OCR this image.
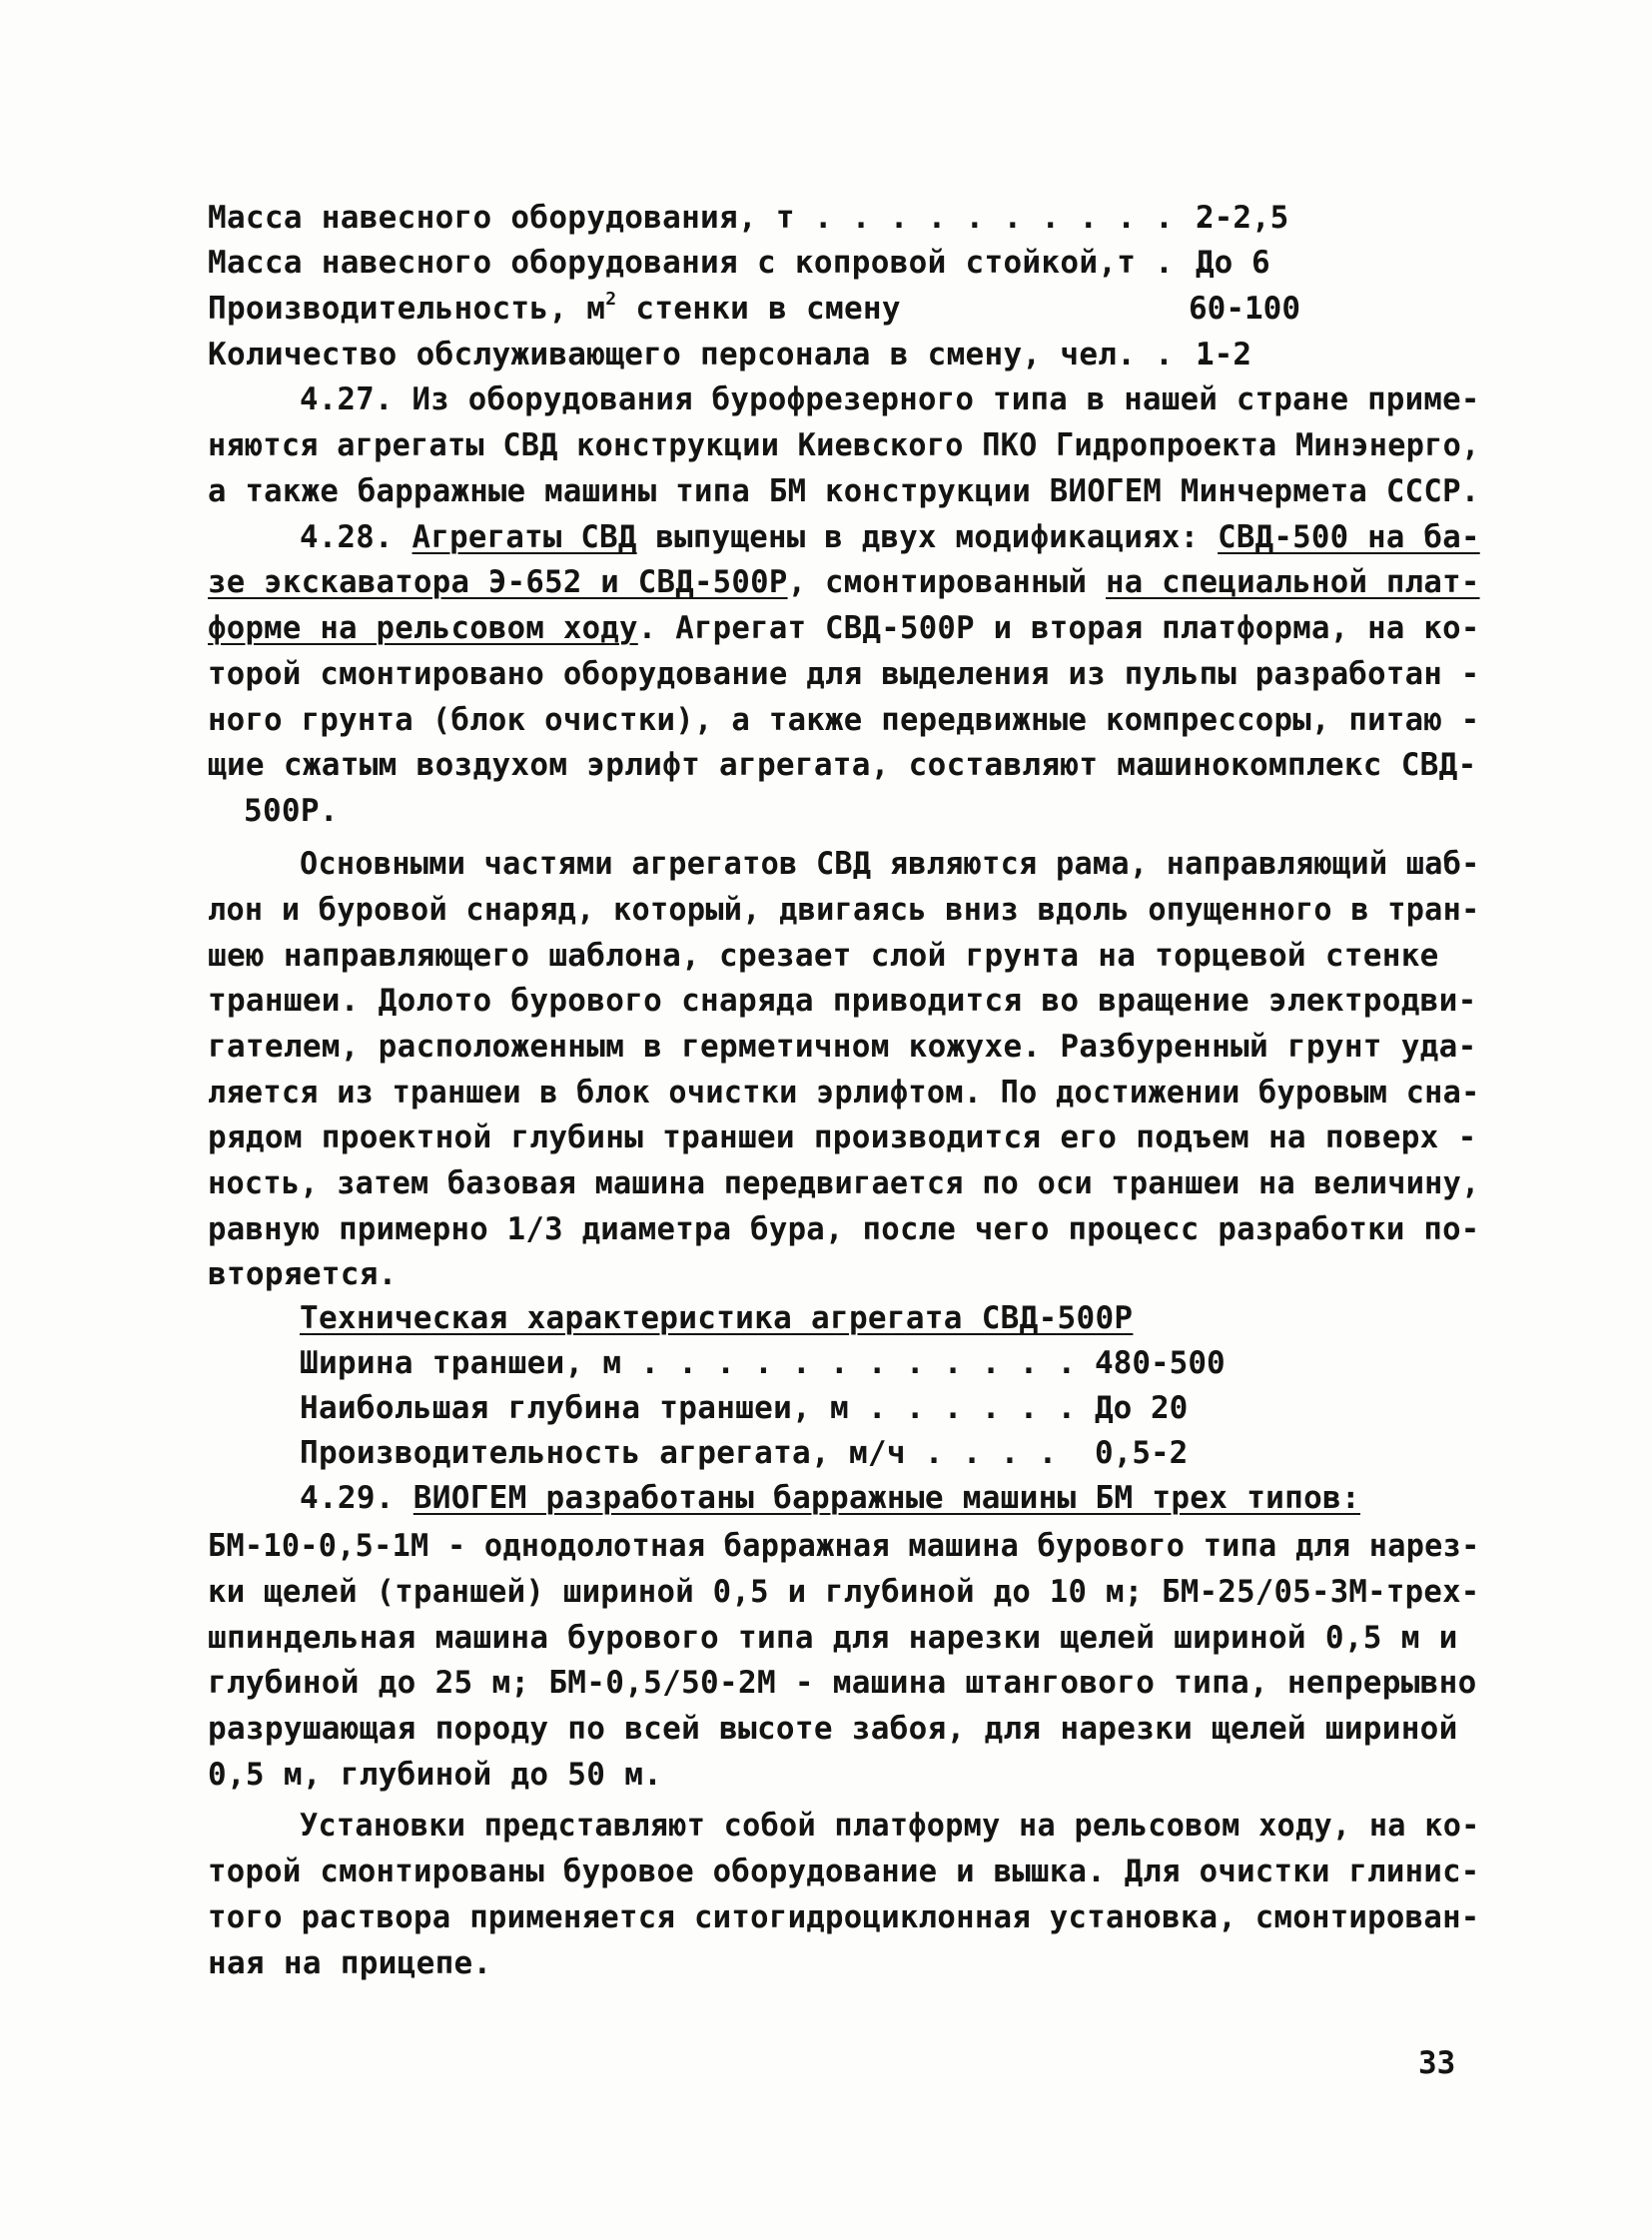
Масса навесного оборудования, т . . . . . . . . . . .
2-2,5
Масса навесного оборудования с копровой стойкой,т . .
До 6
Производительность, $м^2$ стенки в смену	60-100
Количество обслуживающего персонала в смену, чел. . .
1-2
4.27. Из оборудования бурофрезерного типа в нашей стране приме-
няются агрегаты СВД конструкции Киевского ПКО Гидропроекта Минэнерго,
а также барражные машины типа БМ конструкции ВИОГЕМ Минчермета СССР.
4.28. Агрегаты СВД выпущены в двух модификациях: СВД-500 на ба-
зе экскаватора Э-652 и СВД-500Р, смонтированный на специальной плат-
форме на рельсовом ходу. Агрегат СВД-500Р и вторая платформа, на ко-
торой смонтировано оборудование для выделения из пульпы разработан -
ного грунта (блок очистки), а также передвижные компрессоры, питаю -
щие сжатым воздухом эрлифт агрегата, составляют машинокомплекс СВД-
500Р.
Основными частями агрегатов СВД являются рама, направляющий шаб-
лон и буровой снаряд, который, двигаясь вниз вдоль опущенного в тран-
шею направляющего шаблона, срезает слой грунта на торцевой стенке
траншеи. Долото бурового снаряда приводится во вращение электродви-
гателем, расположенным в герметичном кожухе. Разбуренный грунт уда-
ляется из траншеи в блок очистки эрлифтом. По достижении буровым сна-
рядом проектной глубины траншеи производится его подъем на поверх -
ность, затем базовая машина передвигается по оси траншеи на величину,
равную примерно 1/3 диаметра бура, после чего процесс разработки по-
вторяется.
Техническая характеристика агрегата СВД-500Р
Ширина траншеи, м . . . . . . . . . . . . 480-500
Наибольшая глубина траншеи, м . . . . . . До 20
Производительность агрегата, м/ч . . . . 0,5-2
4.29. ВИОГЕМ разработаны барражные машины БМ трех типов:
БМ-10-0,5-1М - однодолотная барражная машина бурового типа для нарез-
ки щелей (траншей) шириной 0,5 и глубиной до 10 м; БМ-25/05-3М-трех-
шпиндельная машина бурового типа для нарезки щелей шириной 0,5 м и
глубиной до 25 м; БМ-0,5/50-2М - машина штангового типа, непрерывно
разрушающая породу по всей высоте забоя, для нарезки щелей шириной
0,5 м, глубиной до 50 м.
Установки представляют собой платформу на рельсовом ходу, на ко-
торой смонтированы буровое оборудование и вышка. Для очистки глинис-
того раствора применяется ситогидроциклонная установка, смонтирован-
ная на прицепе.
33
